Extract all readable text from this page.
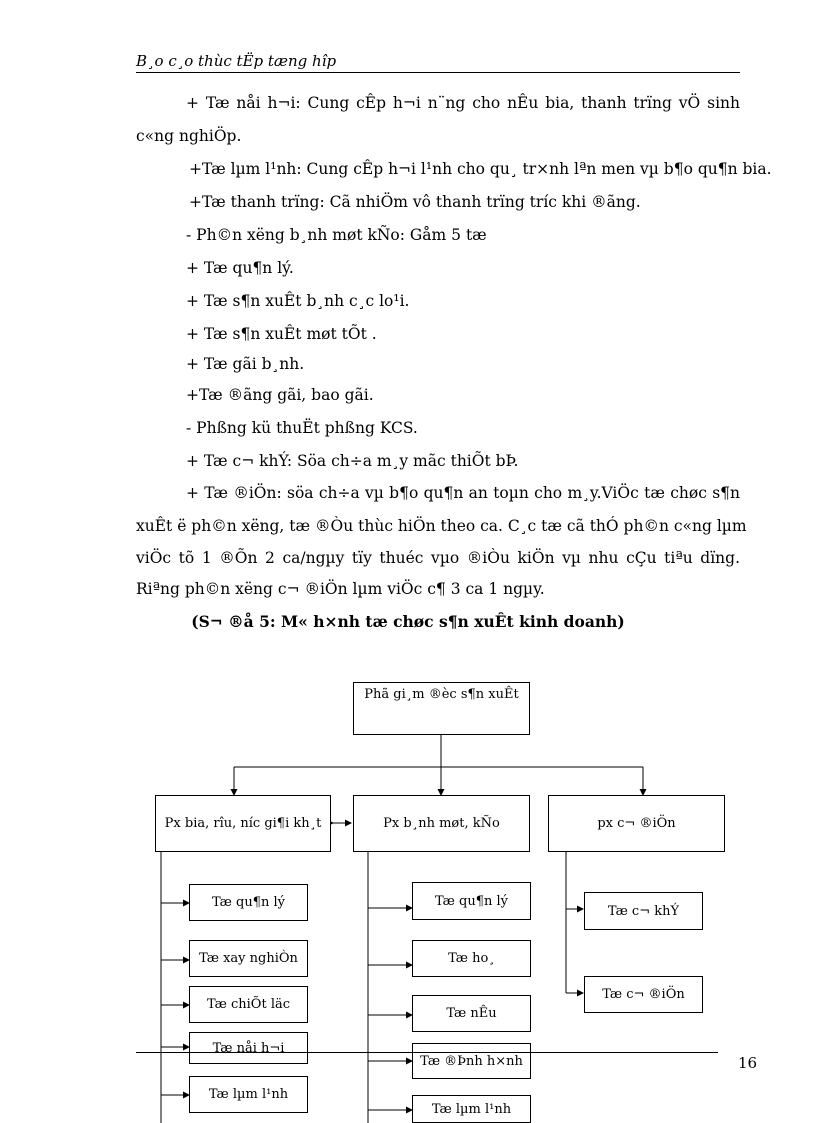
B¸o c¸o thùc tËp tæng hîp
+ Tæ nåi h¬i: Cung cÊp h¬i n¨ng cho nÊu bia, thanh trïng vÖ sinh
c«ng nghiÖp.
+Tæ lµm l¹nh: Cung cÊp h¬i l¹nh cho qu¸ tr×nh lªn men vµ b¶o qu¶n bia.
+Tæ thanh trïng: Cã nhiÖm vô thanh trïng tríc khi ®ãng.
- Ph©n xëng b¸nh møt kÑo: Gåm 5 tæ
+ Tæ qu¶n lý.
+ Tæ s¶n xuÊt b¸nh c¸c lo¹i.
+ Tæ s¶n xuÊt møt tÕt .
+ Tæ gãi b¸nh.
+Tæ ®ãng gãi, bao gãi.
- Phßng kü thuËt phßng KCS.
+ Tæ c¬ khÝ: Söa ch÷a m¸y mãc thiÕt bÞ.
+ Tæ ®iÖn: söa ch÷a vµ b¶o qu¶n an toµn cho m¸y.ViÖc tæ chøc s¶n
xuÊt ë ph©n xëng, tæ ®Òu thùc hiÖn theo ca. C¸c tæ cã thÓ ph©n c«ng lµm
viÖc tõ 1 ®Õn 2 ca/ngµy tïy thuéc vµo ®iÒu kiÖn vµ nhu cÇu tiªu dïng.
Riªng ph©n xëng c¬ ®iÖn lµm viÖc c¶ 3 ca 1 ngµy.
(S¬ ®å 5: M« h×nh tæ chøc s¶n xuÊt kinh doanh)
Phã gi¸m ®èc s¶n xuÊt
Px bia, rîu, níc gi¶i kh¸t	Px b¸nh møt, kÑo	px c¬ ®iÖn
Tæ qu¶n lý
Tæ xay nghiÒn
Tæ chiÕt läc
Tæ nåi h¬i
Tæ lµm l¹nh
Tæ qu¶n lý
Tæ ho¸
Tæ nÊu
Tæ ®Þnh h×nh
Tæ lµm l¹nh
Tæ c¬ khÝ
Tæ c¬ ®iÖn
16
